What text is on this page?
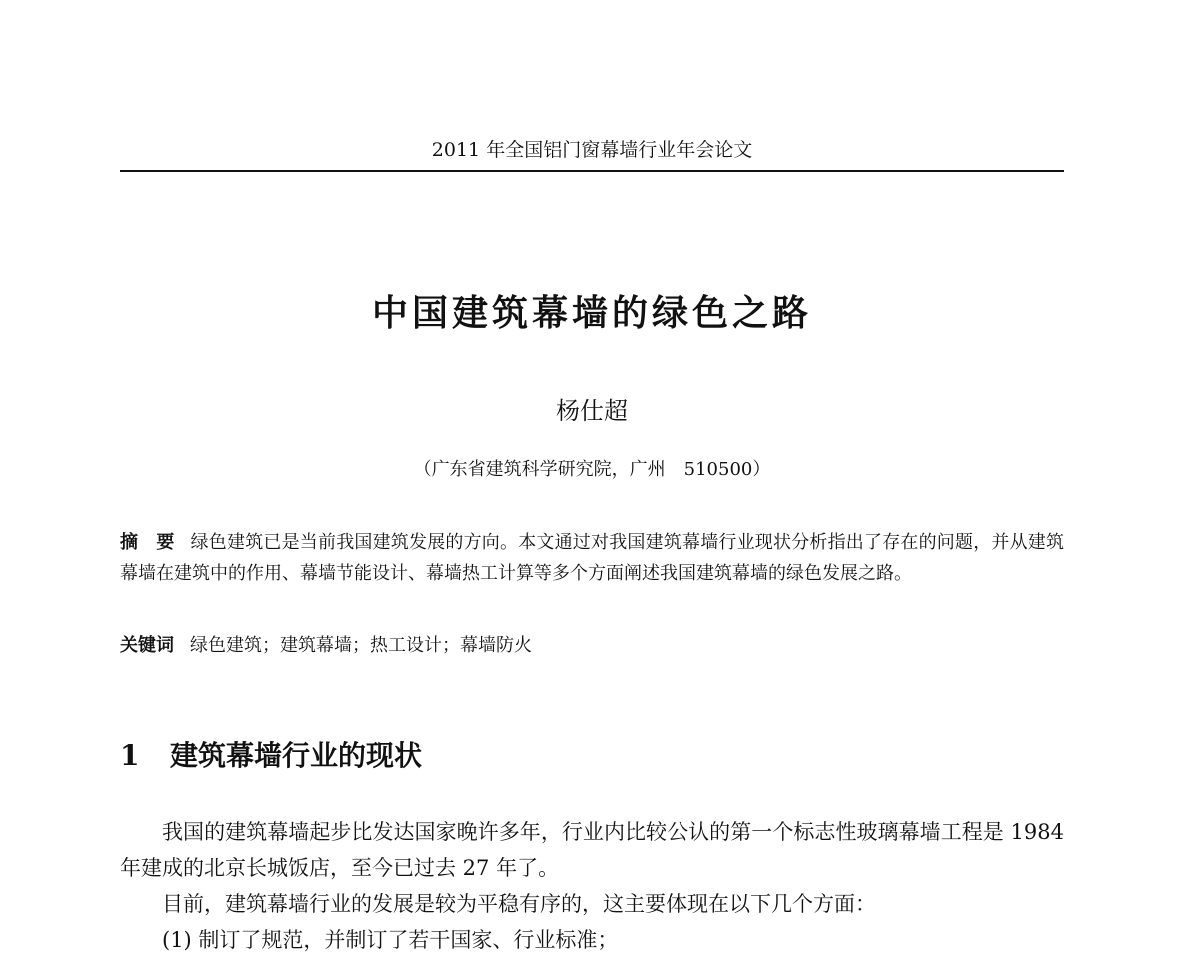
2011 年全国铝门窗幕墙行业年会论文
中国建筑幕墙的绿色之路
杨仕超
（广东省建筑科学研究院，广州　510500）
摘　要 绿色建筑已是当前我国建筑发展的方向。本文通过对我国建筑幕墙行业现状分析指出了存在的问题，并从建筑幕墙在建筑中的作用、幕墙节能设计、幕墙热工计算等多个方面阐述我国建筑幕墙的绿色发展之路。
关键词 绿色建筑；建筑幕墙；热工设计；幕墙防火
1 建筑幕墙行业的现状

我国的建筑幕墙起步比发达国家晚许多年，行业内比较公认的第一个标志性玻璃幕墙工程是 1984 年建成的北京长城饭店，至今已过去 27 年了。

目前，建筑幕墙行业的发展是较为平稳有序的，这主要体现在以下几个方面：

(1) 制订了规范，并制订了若干国家、行业标准；
